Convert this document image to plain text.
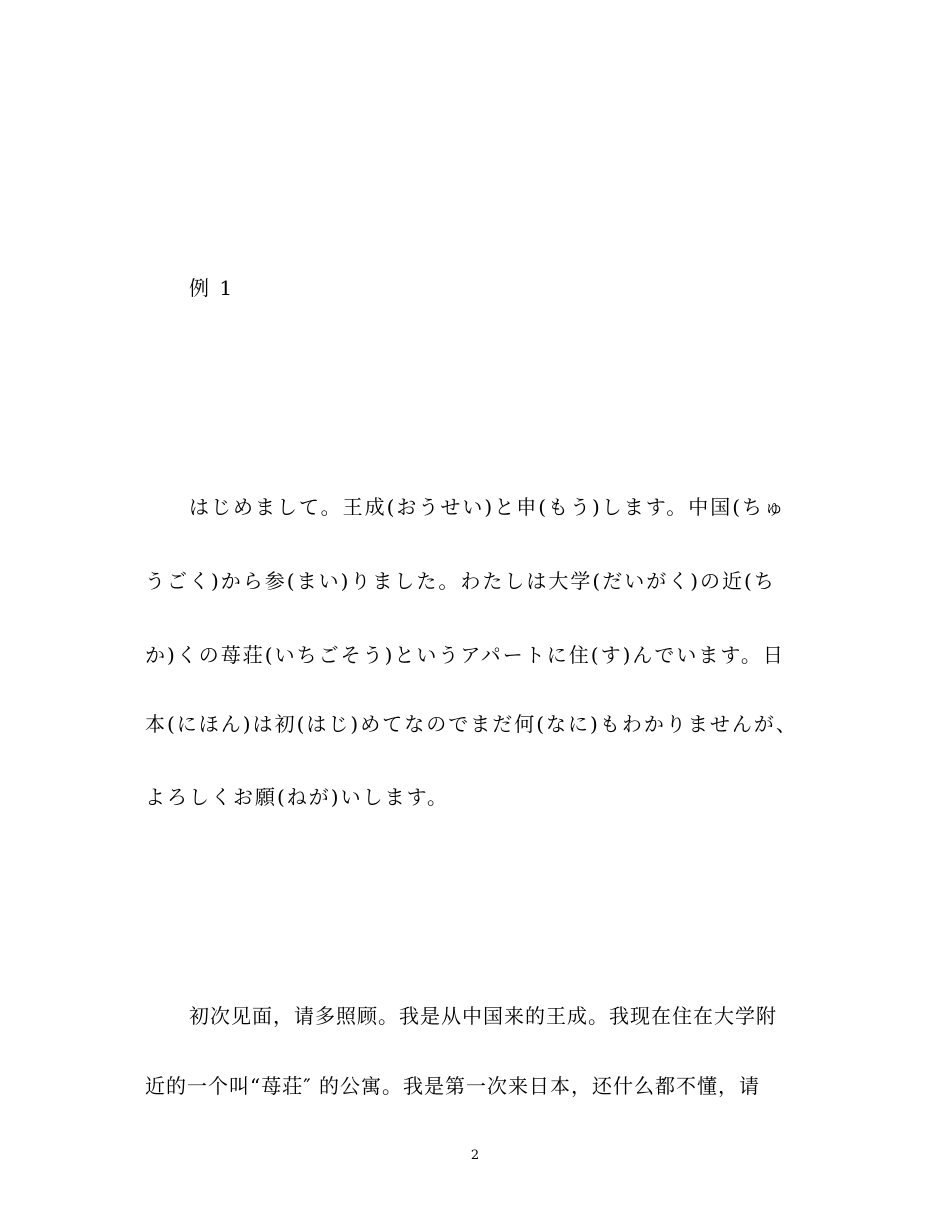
例 1

はじめまして。王成(おうせい)と申(もう)します。中国(ちゅ

うごく)から参(まい)りました。わたしは大学(だいがく)の近(ち

か)くの苺荘(いちごそう)というアパートに住(す)んでいます。日

本(にほん)は初(はじ)めてなのでまだ何(なに)もわかりませんが、

よろしくお願(ねが)いします。

初次见面，请多照顾。我是从中国来的王成。我现在住在大学附

近的一个叫“苺荘″ 的公寓。我是第一次来日本，还什么都不懂，请

2
